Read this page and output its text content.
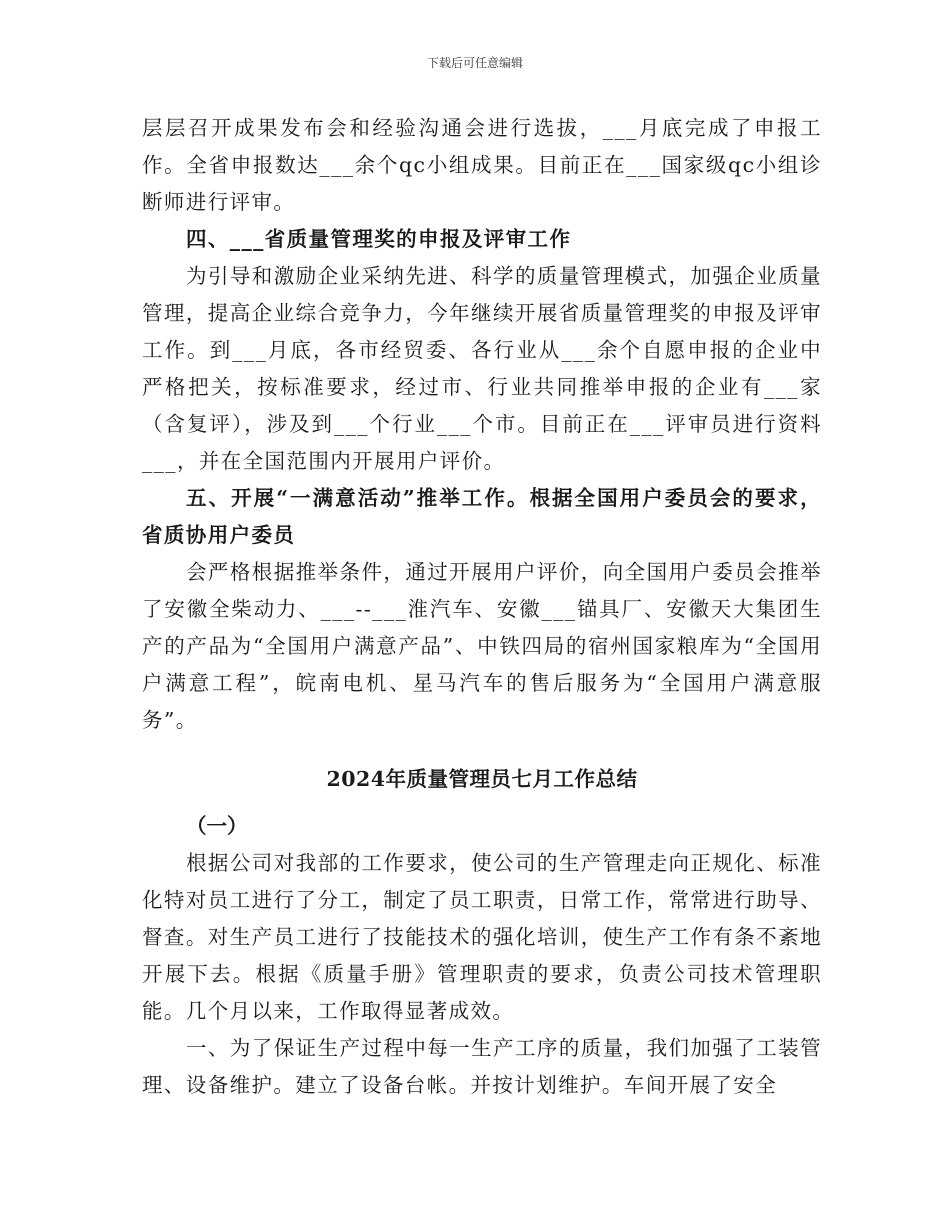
下载后可任意编辑

层层召开成果发布会和经验沟通会进行选拔，___月底完成了申报工作。全省申报数达___余个qc小组成果。目前正在___国家级qc小组诊断师进行评审。

四、___省质量管理奖的申报及评审工作

为引导和激励企业采纳先进、科学的质量管理模式，加强企业质量管理，提高企业综合竞争力，今年继续开展省质量管理奖的申报及评审工作。到___月底，各市经贸委、各行业从___余个自愿申报的企业中严格把关，按标准要求，经过市、行业共同推举申报的企业有___家（含复评），涉及到___个行业___个市。目前正在___评审员进行资料___，并在全国范围内开展用户评价。

五、开展“一满意活动”推举工作。根据全国用户委员会的要求，省质协用户委员

会严格根据推举条件，通过开展用户评价，向全国用户委员会推举了安徽全柴动力、___--___淮汽车、安徽___锚具厂、安徽天大集团生产的产品为“全国用户满意产品”、中铁四局的宿州国家粮库为“全国用户满意工程”，皖南电机、星马汽车的售后服务为“全国用户满意服务”。

2024年质量管理员七月工作总结

（一）

根据公司对我部的工作要求，使公司的生产管理走向正规化、标准化特对员工进行了分工，制定了员工职责，日常工作，常常进行助导、督查。对生产员工进行了技能技术的强化培训，使生产工作有条不紊地开展下去。根据《质量手册》管理职责的要求，负责公司技术管理职能。几个月以来，工作取得显著成效。

一、为了保证生产过程中每一生产工序的质量，我们加强了工装管理、设备维护。建立了设备台帐。并按计划维护。车间开展了安全
